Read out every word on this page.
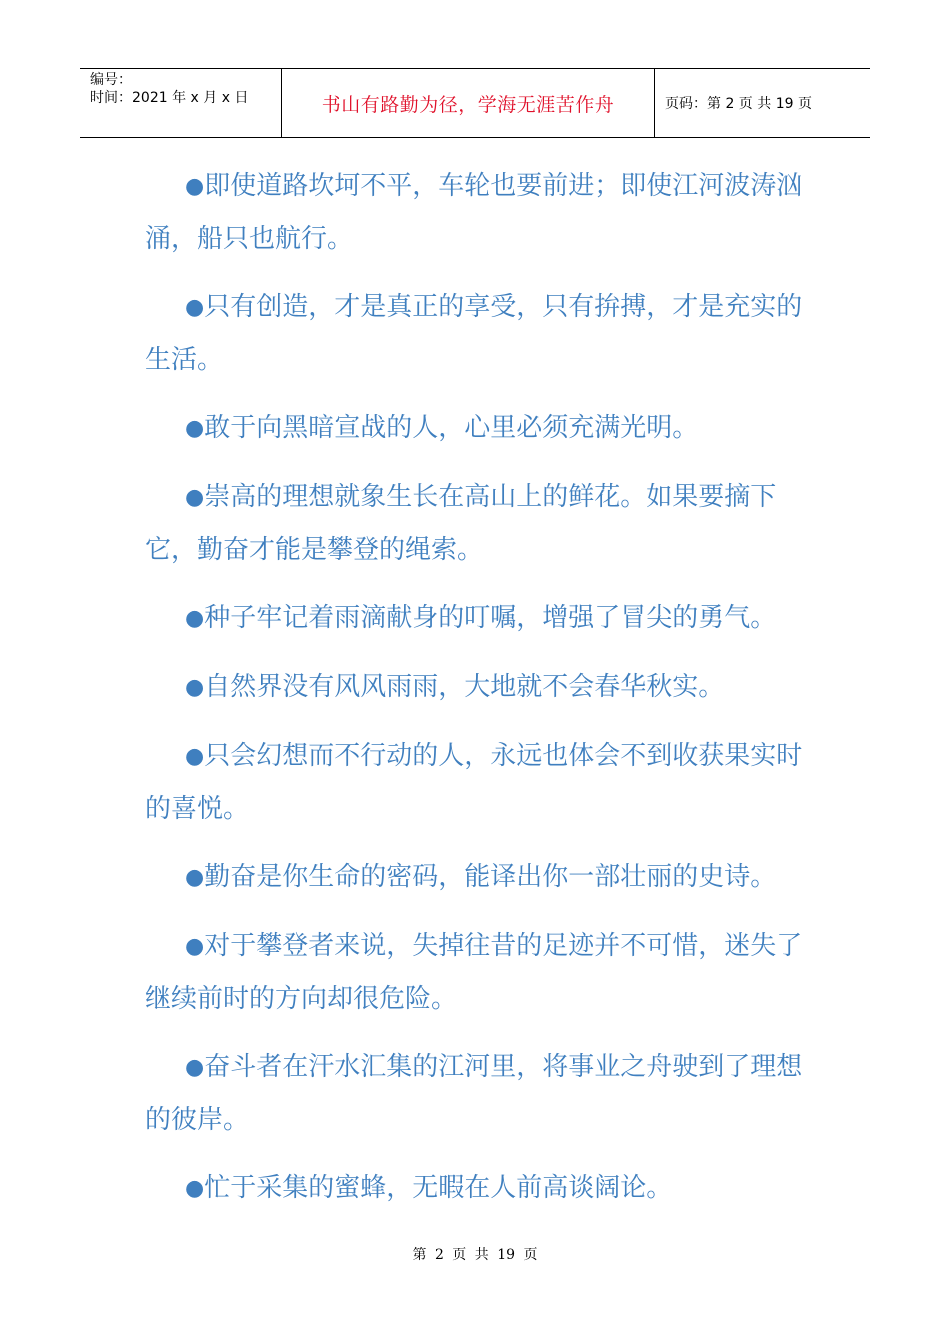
编号：
时间：2021 年 x 月 x 日	书山有路勤为径，学海无涯苦作舟	页码：第 2 页 共 19 页

●即使道路坎坷不平，车轮也要前进；即使江河波涛汹涌，船只也航行。

●只有创造，才是真正的享受，只有拚搏，才是充实的生活。

●敢于向黑暗宣战的人，心里必须充满光明。

●崇高的理想就象生长在高山上的鲜花。如果要摘下它，勤奋才能是攀登的绳索。

●种子牢记着雨滴献身的叮嘱，增强了冒尖的勇气。

●自然界没有风风雨雨，大地就不会春华秋实。

●只会幻想而不行动的人，永远也体会不到收获果实时的喜悦。

●勤奋是你生命的密码，能译出你一部壮丽的史诗。

●对于攀登者来说，失掉往昔的足迹并不可惜，迷失了继续前时的方向却很危险。

●奋斗者在汗水汇集的江河里，将事业之舟驶到了理想的彼岸。

●忙于采集的蜜蜂，无暇在人前高谈阔论。

第 2 页 共 19 页
